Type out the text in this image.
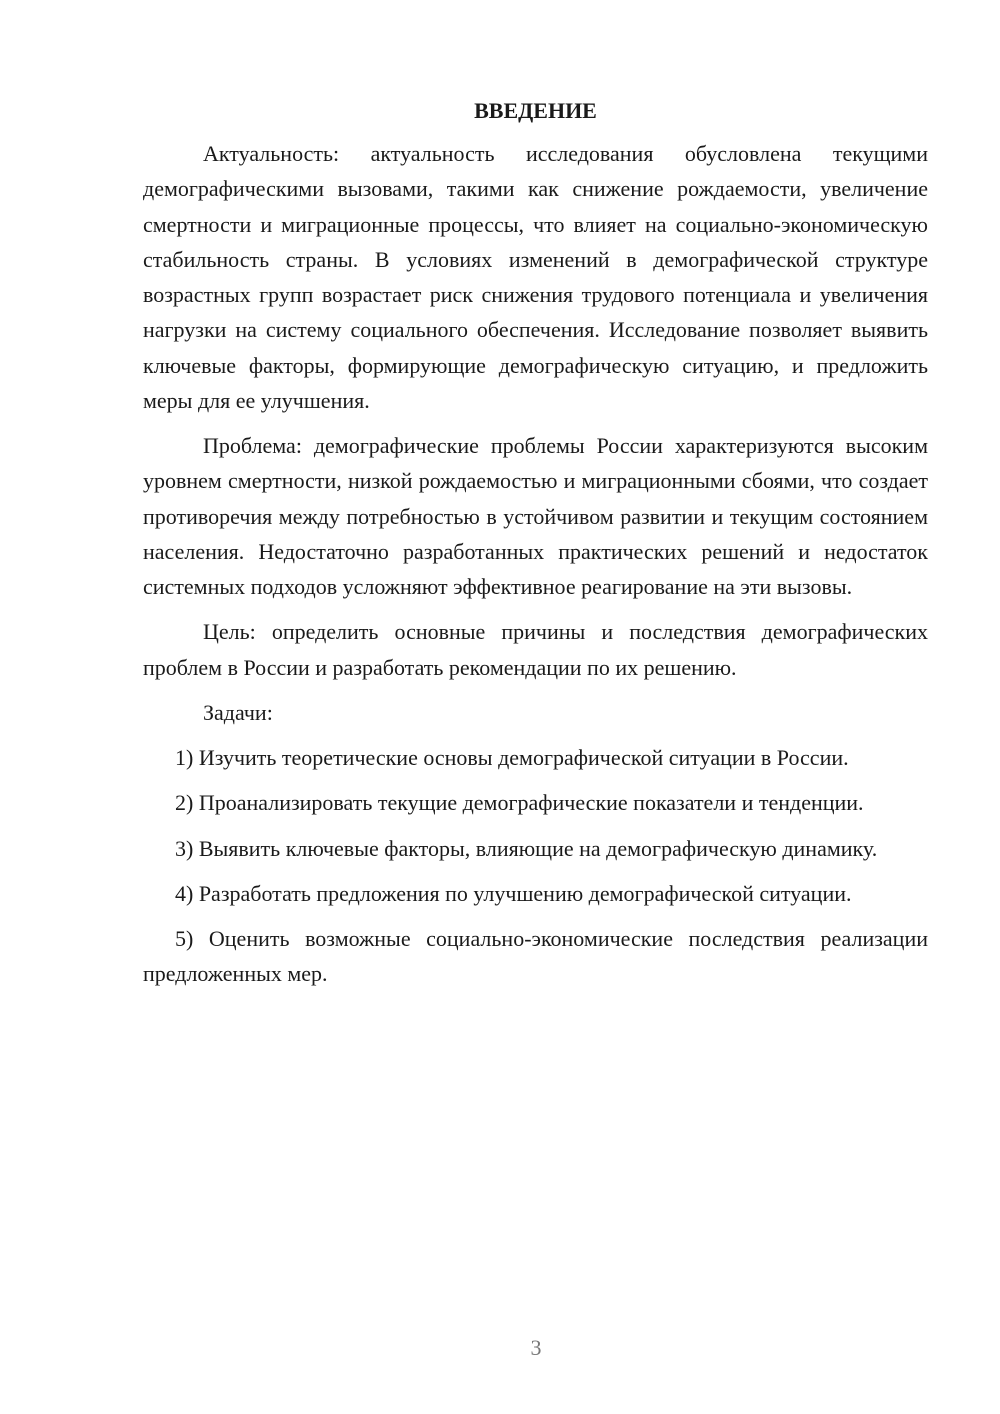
ВВЕДЕНИЕ

Актуальность: актуальность исследования обусловлена текущими демографическими вызовами, такими как снижение рождаемости, увеличение смертности и миграционные процессы, что влияет на социально-экономическую стабильность страны. В условиях изменений в демографической структуре возрастных групп возрастает риск снижения трудового потенциала и увеличения нагрузки на систему социального обеспечения. Исследование позволяет выявить ключевые факторы, формирующие демографическую ситуацию, и предложить меры для ее улучшения.

Проблема: демографические проблемы России характеризуются высоким уровнем смертности, низкой рождаемостью и миграционными сбоями, что создает противоречия между потребностью в устойчивом развитии и текущим состоянием населения. Недостаточно разработанных практических решений и недостаток системных подходов усложняют эффективное реагирование на эти вызовы.

Цель: определить основные причины и последствия демографических проблем в России и разработать рекомендации по их решению.

Задачи:

1) Изучить теоретические основы демографической ситуации в России.

2) Проанализировать текущие демографические показатели и тенденции.

3) Выявить ключевые факторы, влияющие на демографическую динамику.

4) Разработать предложения по улучшению демографической ситуации.

5) Оценить возможные социально-экономические последствия реализации предложенных мер.

3
